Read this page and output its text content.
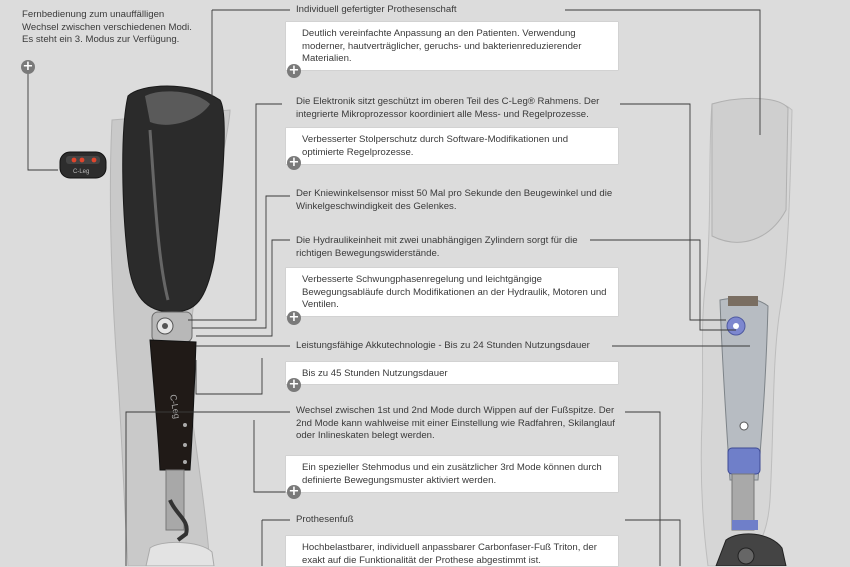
C-Leg
C-Leg
Fernbedienung zum unauffälligen Wechsel zwischen verschiedenen Modi. Es steht ein 3. Modus zur Verfügung.
+
Individuell gefertigter Prothesenschaft
Deutlich vereinfachte Anpassung an den Patienten. Verwendung moderner, hautverträglicher, geruchs- und bakterienreduzierender Materialien.
+
Die Elektronik sitzt geschützt im oberen Teil des C-Leg® Rahmens. Der integrierte Mikroprozessor koordiniert alle Mess- und Regelprozesse.
Verbesserter Stolperschutz durch Software-Modifikationen und optimierte Regelprozesse.
+
Der Kniewinkelsensor misst 50 Mal pro Sekunde den Beugewinkel und die Winkelgeschwindigkeit des Gelenkes.
Die Hydraulikeinheit mit zwei unabhängigen Zylindern sorgt für die richtigen Bewegungswiderstände.
Verbesserte Schwungphasenregelung und leichtgängige Bewegungsabläufe durch Modifikationen an der Hydraulik, Motoren und Ventilen.
+
Leistungsfähige Akkutechnologie - Bis zu 24 Stunden Nutzungsdauer
Bis zu 45 Stunden Nutzungsdauer
+
Wechsel zwischen 1st und 2nd Mode durch Wippen auf der Fußspitze. Der 2nd Mode kann wahlweise mit einer Einstellung wie Radfahren, Skilanglauf oder Inlineskaten belegt werden.
Ein spezieller Stehmodus und ein zusätzlicher 3rd Mode können durch definierte Bewegungsmuster aktiviert werden.
+
Prothesenfuß
Hochbelastbarer, individuell anpassbarer Carbonfaser-Fuß Triton, der exakt auf die Funktionalität der Prothese abgestimmt ist.
